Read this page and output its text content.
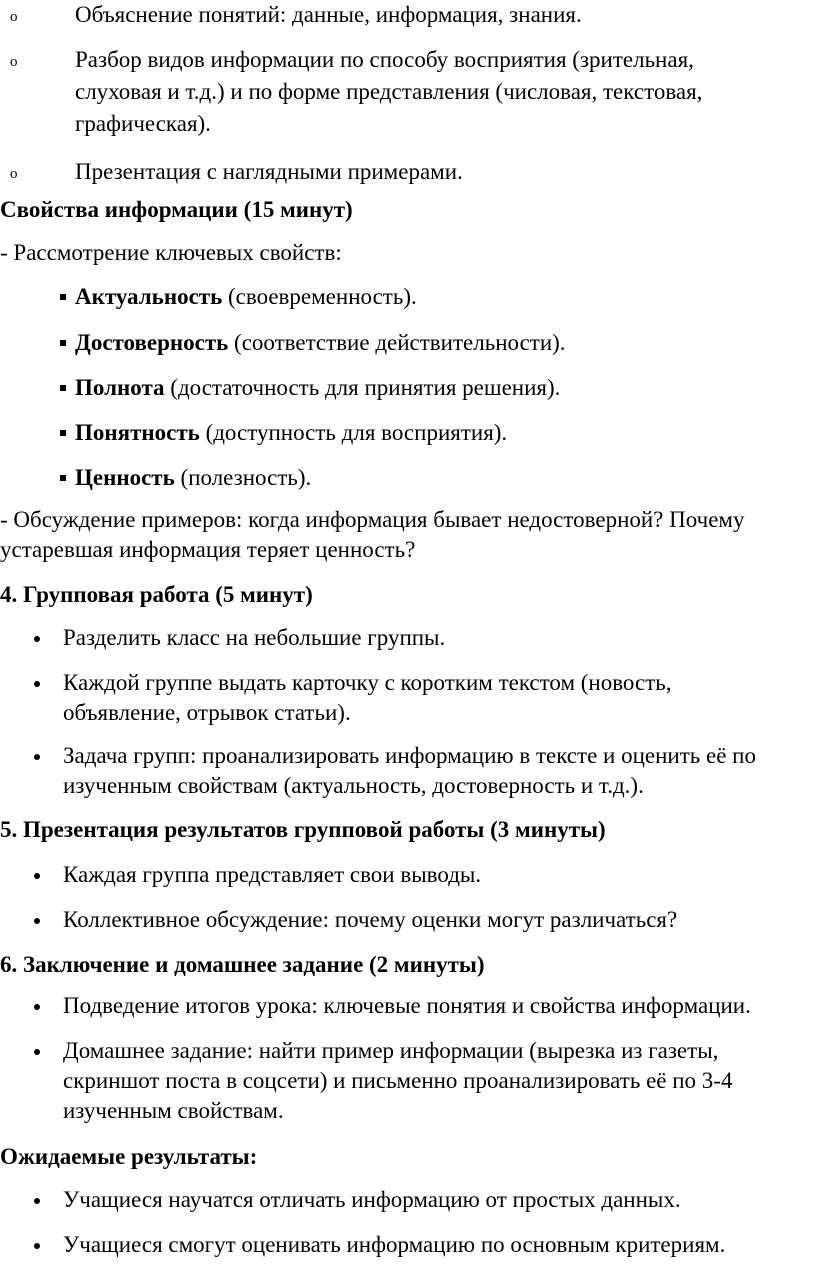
o	Объяснение понятий: данные, информация, знания.
o	Разбор видов информации по способу восприятия (зрительная,
слуховая и т.д.) и по форме представления (числовая, текстовая,
графическая).
o	Презентация с наглядными примерами.
Свойства информации (15 минут)
- Рассмотрение ключевых свойств:
Актуальность (своевременность).
Достоверность (соответствие действительности).
Полнота (достаточность для принятия решения).
Понятность (доступность для восприятия).
Ценность (полезность).
- Обсуждение примеров: когда информация бывает недостоверной? Почему
устаревшая информация теряет ценность?
4. Групповая работа (5 минут)
Разделить класс на небольшие группы.
Каждой группе выдать карточку с коротким текстом (новость,
объявление, отрывок статьи).
Задача групп: проанализировать информацию в тексте и оценить её по
изученным свойствам (актуальность, достоверность и т.д.).
5. Презентация результатов групповой работы (3 минуты)
Каждая группа представляет свои выводы.
Коллективное обсуждение: почему оценки могут различаться?
6. Заключение и домашнее задание (2 минуты)
Подведение итогов урока: ключевые понятия и свойства информации.
Домашнее задание: найти пример информации (вырезка из газеты,
скриншот поста в соцсети) и письменно проанализировать её по 3-4
изученным свойствам.
Ожидаемые результаты:
Учащиеся научатся отличать информацию от простых данных.
Учащиеся смогут оценивать информацию по основным критериям.
